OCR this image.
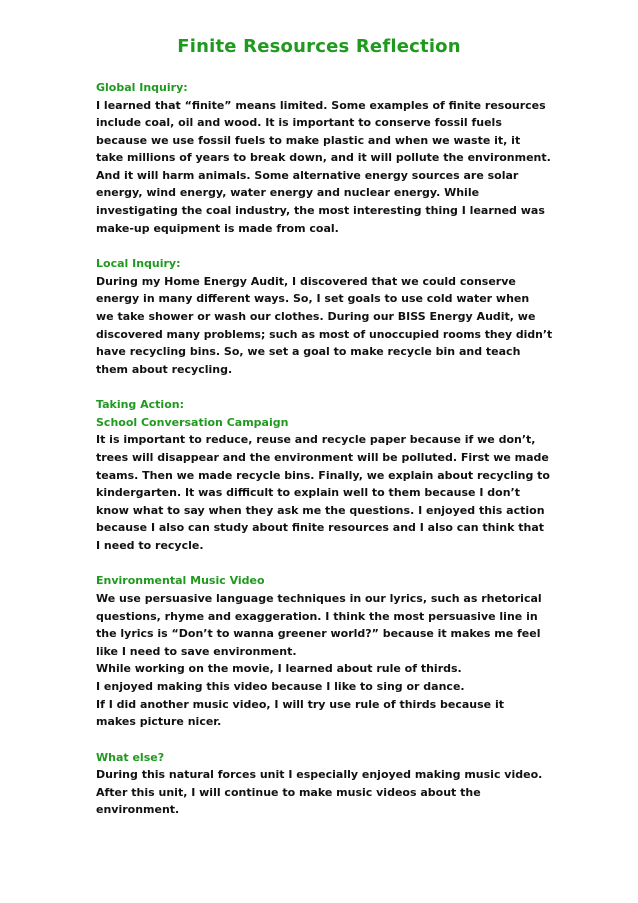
Finite Resources Reflection
Global Inquiry:
I learned that “finite” means limited. Some examples of finite resources
include coal, oil and wood. It is important to conserve fossil fuels
because we use fossil fuels to make plastic and when we waste it, it
take millions of years to break down, and it will pollute the environment.
And it will harm animals. Some alternative energy sources are solar
energy, wind energy, water energy and nuclear energy. While
investigating the coal industry, the most interesting thing I learned was
make-up equipment is made from coal.
Local Inquiry:
During my Home Energy Audit, I discovered that we could conserve
energy in many different ways. So, I set goals to use cold water when
we take shower or wash our clothes. During our BISS Energy Audit, we
discovered many problems; such as most of unoccupied rooms they didn’t
have recycling bins. So, we set a goal to make recycle bin and teach
them about recycling.
Taking Action:
School Conversation Campaign
It is important to reduce, reuse and recycle paper because if we don’t,
trees will disappear and the environment will be polluted. First we made
teams. Then we made recycle bins. Finally, we explain about recycling to
kindergarten. It was difficult to explain well to them because I don’t
know what to say when they ask me the questions. I enjoyed this action
because I also can study about finite resources and I also can think that
I need to recycle.
Environmental Music Video
We use persuasive language techniques in our lyrics, such as rhetorical
questions, rhyme and exaggeration. I think the most persuasive line in
the lyrics is “Don’t to wanna greener world?” because it makes me feel
like I need to save environment.
While working on the movie, I learned about rule of thirds.
I enjoyed making this video because I like to sing or dance.
If I did another music video, I will try use rule of thirds because it
makes picture nicer.
What else?
During this natural forces unit I especially enjoyed making music video.
After this unit, I will continue to make music videos about the
environment.
